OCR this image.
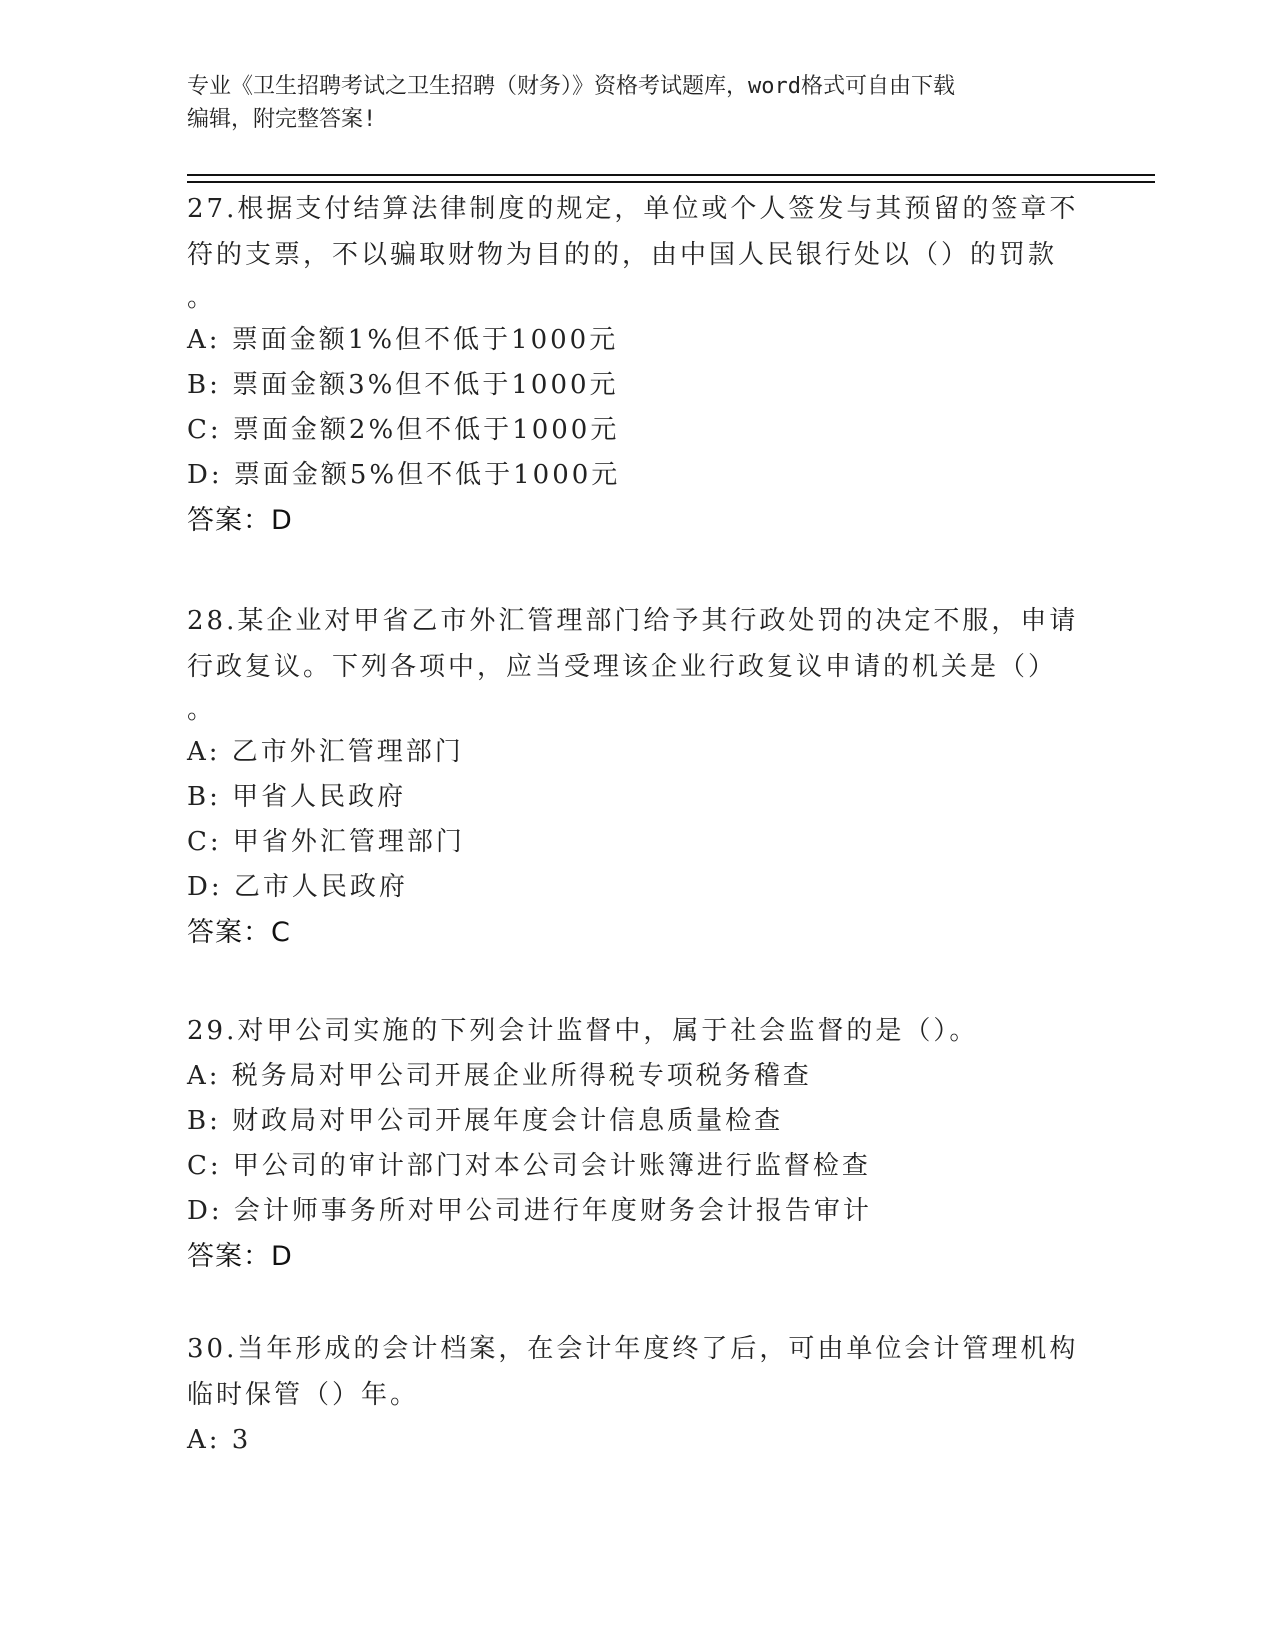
专业《卫生招聘考试之卫生招聘（财务）》资格考试题库，word格式可自由下载
编辑，附完整答案!
27.根据支付结算法律制度的规定，单位或个人签发与其预留的签章不
符的支票，不以骗取财物为目的的，由中国人民银行处以（）的罚款
。
A: 票面金额1%但不低于1000元
B: 票面金额3%但不低于1000元
C: 票面金额2%但不低于1000元
D: 票面金额5%但不低于1000元
答案：D
28.某企业对甲省乙市外汇管理部门给予其行政处罚的决定不服，申请
行政复议。下列各项中，应当受理该企业行政复议申请的机关是（）
。
A: 乙市外汇管理部门
B: 甲省人民政府
C: 甲省外汇管理部门
D: 乙市人民政府
答案：C
29.对甲公司实施的下列会计监督中，属于社会监督的是（）。
A: 税务局对甲公司开展企业所得税专项税务稽查
B: 财政局对甲公司开展年度会计信息质量检查
C: 甲公司的审计部门对本公司会计账簿进行监督检查
D: 会计师事务所对甲公司进行年度财务会计报告审计
答案：D
30.当年形成的会计档案，在会计年度终了后，可由单位会计管理机构
临时保管（）年。
A: 3
